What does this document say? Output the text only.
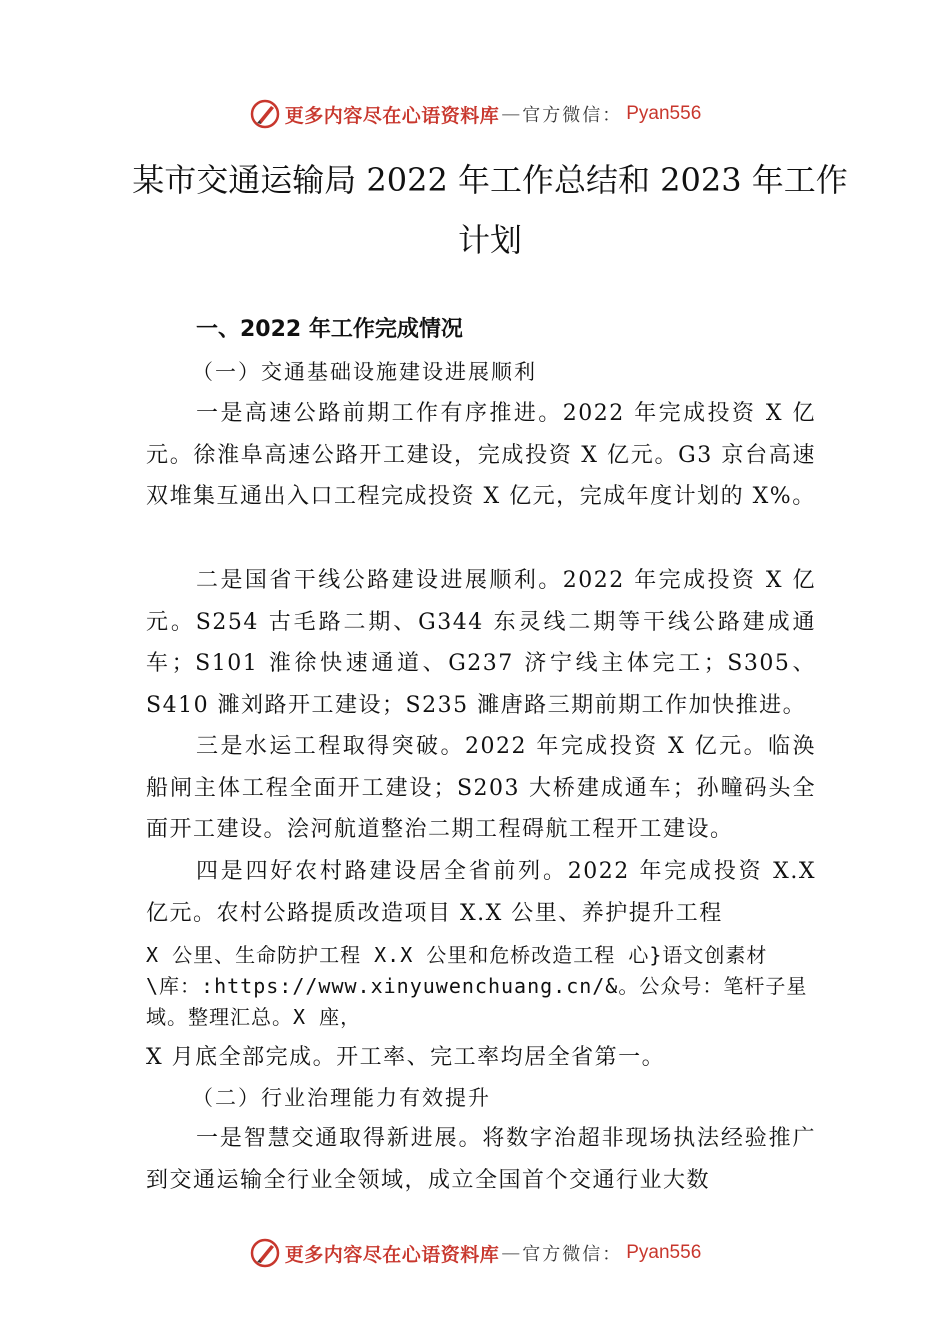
更多内容尽在心语资料库 — 官方微信： Pyan556
某市交通运输局 2022 年工作总结和 2023 年工作计划
一、2022 年工作完成情况
（一）交通基础设施建设进展顺利
一是高速公路前期工作有序推进。2022 年完成投资 X 亿元。徐淮阜高速公路开工建设，完成投资 X 亿元。G3 京台高速双堆集互通出入口工程完成投资 X 亿元，完成年度计划的 X%。
二是国省干线公路建设进展顺利。2022 年完成投资 X 亿元。S254 古毛路二期、G344 东灵线二期等干线公路建成通车；S101 淮徐快速通道、G237 济宁线主体完工；S305、S410 濉刘路开工建设；S235 濉唐路三期前期工作加快推进。
三是水运工程取得突破。2022 年完成投资 X 亿元。临涣船闸主体工程全面开工建设；S203 大桥建成通车；孙疃码头全面开工建设。浍河航道整治二期工程碍航工程开工建设。
四是四好农村路建设居全省前列。2022 年完成投资 X.X 亿元。农村公路提质改造项目 X.X 公里、养护提升工程
X 公里、生命防护工程 X.X 公里和危桥改造工程 心}语文创素材\库：:https://www.xinyuwenchuang.cn/&。公众号：笔杆子星域。整理汇总。X 座，
X 月底全部完成。开工率、完工率均居全省第一。
（二）行业治理能力有效提升
一是智慧交通取得新进展。将数字治超非现场执法经验推广到交通运输全行业全领域，成立全国首个交通行业大数
更多内容尽在心语资料库 — 官方微信： Pyan556
